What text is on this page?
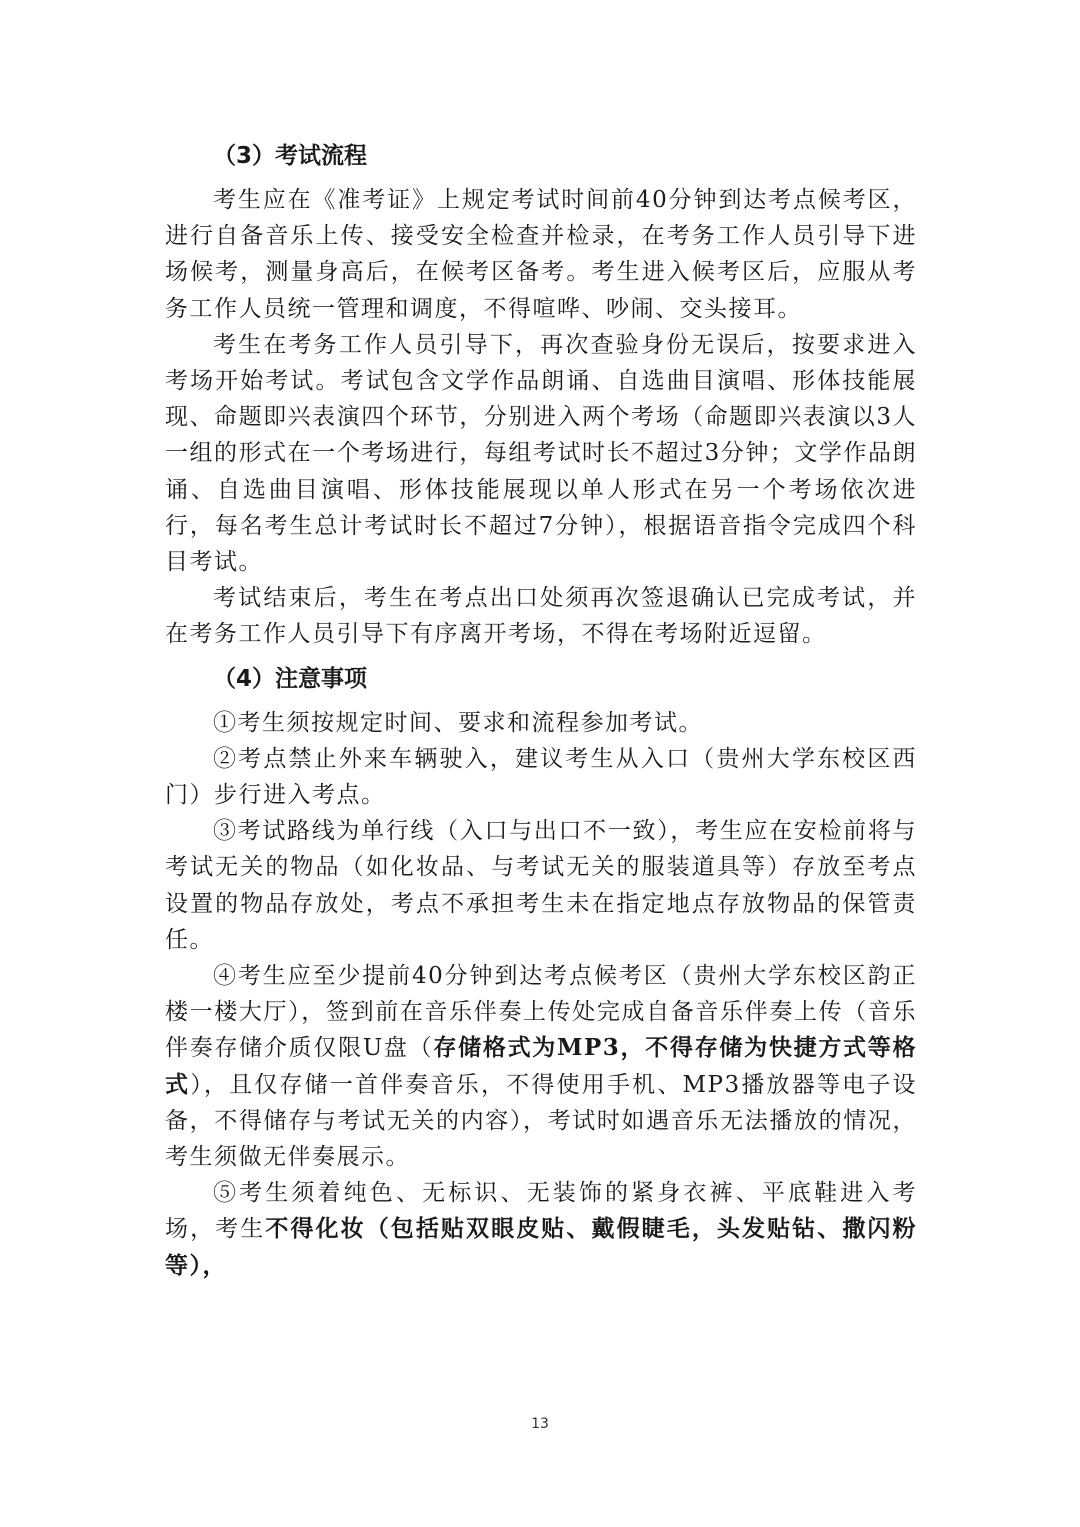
（3）考试流程

考生应在《准考证》上规定考试时间前40分钟到达考点候考区，进行自备音乐上传、接受安全检查并检录，在考务工作人员引导下进场候考，测量身高后，在候考区备考。考生进入候考区后，应服从考务工作人员统一管理和调度，不得喧哗、吵闹、交头接耳。

考生在考务工作人员引导下，再次查验身份无误后，按要求进入考场开始考试。考试包含文学作品朗诵、自选曲目演唱、形体技能展现、命题即兴表演四个环节，分别进入两个考场（命题即兴表演以3人一组的形式在一个考场进行，每组考试时长不超过3分钟；文学作品朗诵、自选曲目演唱、形体技能展现以单人形式在另一个考场依次进行，每名考生总计考试时长不超过7分钟），根据语音指令完成四个科目考试。

考试结束后，考生在考点出口处须再次签退确认已完成考试，并在考务工作人员引导下有序离开考场，不得在考场附近逗留。

（4）注意事项

①考生须按规定时间、要求和流程参加考试。

②考点禁止外来车辆驶入，建议考生从入口（贵州大学东校区西门）步行进入考点。

③考试路线为单行线（入口与出口不一致），考生应在安检前将与考试无关的物品（如化妆品、与考试无关的服装道具等）存放至考点设置的物品存放处，考点不承担考生未在指定地点存放物品的保管责任。

④考生应至少提前40分钟到达考点候考区（贵州大学东校区韵正楼一楼大厅），签到前在音乐伴奏上传处完成自备音乐伴奏上传（音乐伴奏存储介质仅限U盘（存储格式为MP3，不得存储为快捷方式等格式），且仅存储一首伴奏音乐，不得使用手机、MP3播放器等电子设备，不得储存与考试无关的内容），考试时如遇音乐无法播放的情况，考生须做无伴奏展示。

⑤考生须着纯色、无标识、无装饰的紧身衣裤、平底鞋进入考场，考生不得化妆（包括贴双眼皮贴、戴假睫毛，头发贴钻、撒闪粉等），

13
